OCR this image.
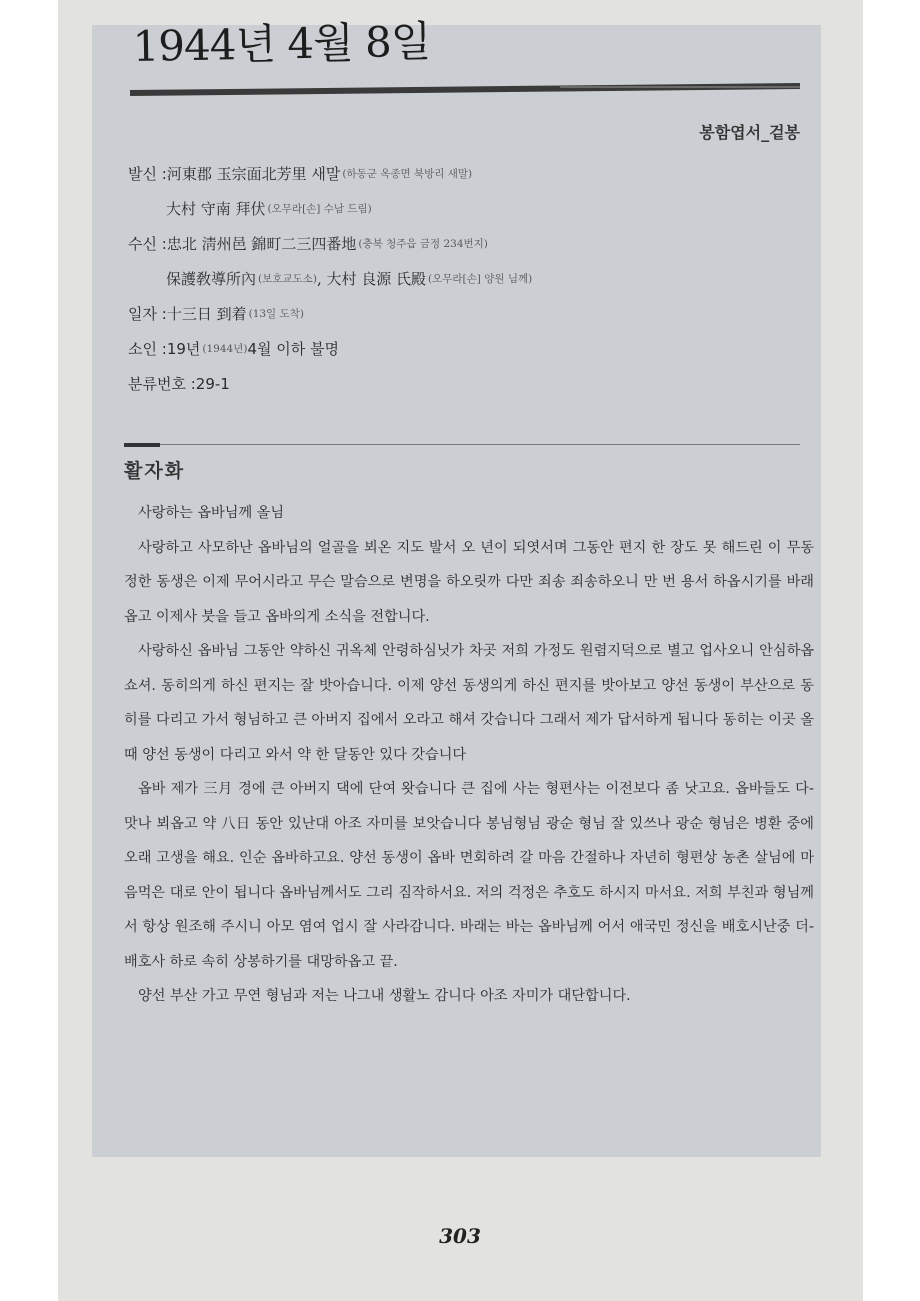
1944년 4월 8일
봉함엽서_겉봉
발신 : 河東郡 玉宗面北芳里 새말 (하동군 옥종면 북방리 새말)
大村 守南 拜伏 (오무라[손] 수남 드림)
수신 : 忠北 淸州邑 錦町二三四番地 (충북 청주읍 금정 234번지)
保護敎導所內 (보호교도소) , 大村 良源 氏殿 (오무라[손] 양원 님께)
일자 : 十三日 到着 (13일 도착)
소인 : 19년 (1944년) 4월 이하 불명
분류번호 : 29-1
활자화

사랑하는 옵바님께 올님

사랑하고 사모하난 옵바님의 얼골을 뵈온 지도 발서 오 년이 되엿서며 그동안 편지 한 장도 못 해드린 이 무동정한 동생은 이제 무어시라고 무슨 말슴으로 변명을 하오릿까 다만 죄송 죄송하오니 만 번 용서 하옵시기를 바래옵고 이제사 붓을 들고 옵바의게 소식을 전합니다.

사랑하신 옵바님 그동안 약하신 귀옥체 안령하심닛가 차곳 저희 가정도 원렴지덕으로 별고 업사오니 안심하옵쇼셔. 동히의게 하신 편지는 잘 밧아습니다. 이제 양선 동생의게 하신 편지를 밧아보고 양선 동생이 부산으로 동히를 다리고 가서 형님하고 큰 아버지 집에서 오라고 해셔 갓습니다 그래서 제가 답서하게 됩니다 동히는 이곳 올 때 양선 동생이 다리고 와서 약 한 달동안 있다 갓습니다

옵바 제가 三月 경에 큰 아버지 댁에 단여 왓습니다 큰 집에 사는 형편사는 이전보다 좀 낫고요. 옵바들도 다- 맛나 뵈옵고 약 八日 동안 있난대 아조 자미를 보앗습니다 봉님형님 광순 형님 잘 있쓰나 광순 형님은 병환 중에 오래 고생을 해요. 인순 옵바하고요. 양선 동생이 옵바 면회하려 갈 마음 간절하나 자년히 형편상 농촌 살님에 마음먹은 대로 안이 됩니다 옵바님께서도 그리 짐작하서요. 저의 걱정은 추호도 하시지 마서요. 저희 부친과 형님께서 항상 원조해 주시니 아모 염여 업시 잘 사라감니다. 바래는 바는 옵바님께 어서 애국민 정신을 배호시난중 더- 배호사 하로 속히 상봉하기를 대망하옵고 끝.

양선 부산 가고 무연 형님과 저는 나그내 생활노 감니다 아조 자미가 대단합니다.

303
